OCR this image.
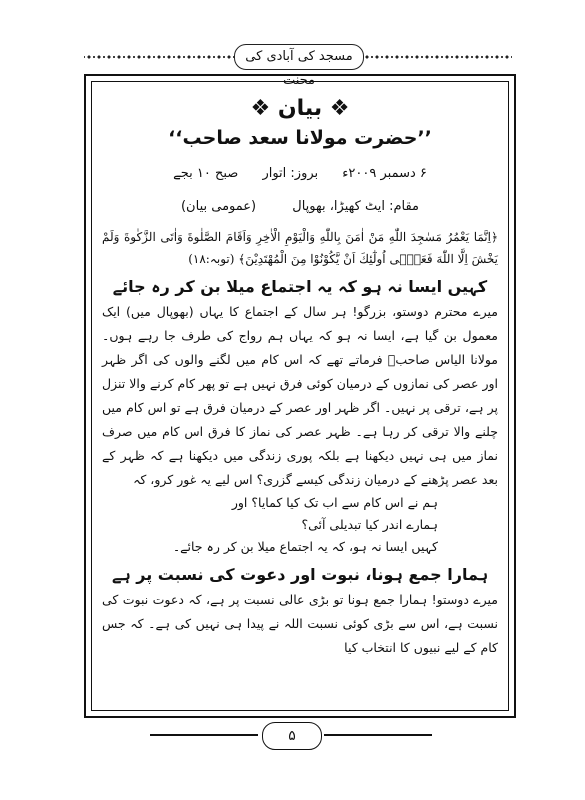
مسجد کی آبادی کی محنت
❖ بیان ❖
’’حضرت مولانا سعد صاحب‘‘
۶ دسمبر ۲۰۰۹ء بروز: اتوار صبح ۱۰ بجے
مقام: ایٹ کھیڑا، بھوپال (عمومی بیان)
﴿اِنَّمَا یَعْمُرُ مَسٰجِدَ اللّٰهِ مَنْ اٰمَنَ بِاللّٰهِ وَالْيَوْمِ الْاٰخِرِ وَاَقَامَ الصَّلٰوةَ وَاٰتَى الزَّكٰوةَ وَلَمْ یَخْشَ اِلَّا اللّٰهَ فَعَسٰۤى اُولٰٓئِكَ اَنْ یَّكُوْنُوْا مِنَ الْمُهْتَدِیْنَ﴾ (توبہ:۱۸)
کہیں ایسا نہ ہو کہ یہ اجتماع میلا بن کر رہ جائے
میرے محترم دوستو، بزرگو! ہر سال کے اجتماع کا یہاں (بھوپال میں) ایک معمول بن گیا ہے، ایسا نہ ہو کہ یہاں ہم رواج کی طرف جا رہے ہوں۔ مولانا الیاس صاحبؒ فرماتے تھے کہ اس کام میں لگنے والوں کی اگر ظہر اور عصر کی نمازوں کے درمیان کوئی فرق نہیں ہے تو پھر کام کرنے والا تنزل پر ہے، ترقی پر نہیں۔ اگر ظہر اور عصر کے درمیان فرق ہے تو اس کام میں چلنے والا ترقی کر رہا ہے۔ ظہر عصر کی نماز کا فرق اس کام میں صرف نماز میں ہی نہیں دیکھنا ہے بلکہ پوری زندگی میں دیکھنا ہے کہ ظہر کے بعد عصر پڑھنے کے درمیان زندگی کیسے گزری؟ اس لیے یہ غور کرو، کہ
ہم نے اس کام سے اب تک کیا کمایا؟ اور
ہمارے اندر کیا تبدیلی آئی؟
کہیں ایسا نہ ہو، کہ یہ اجتماع میلا بن کر رہ جائے۔
ہمارا جمع ہونا، نبوت اور دعوت کی نسبت پر ہے
میرے دوستو! ہمارا جمع ہونا تو بڑی عالی نسبت پر ہے، کہ دعوت نبوت کی نسبت ہے، اس سے بڑی کوئی نسبت اللہ نے پیدا ہی نہیں کی ہے۔ کہ جس کام کے لیے نبیوں کا انتخاب کیا
۵
